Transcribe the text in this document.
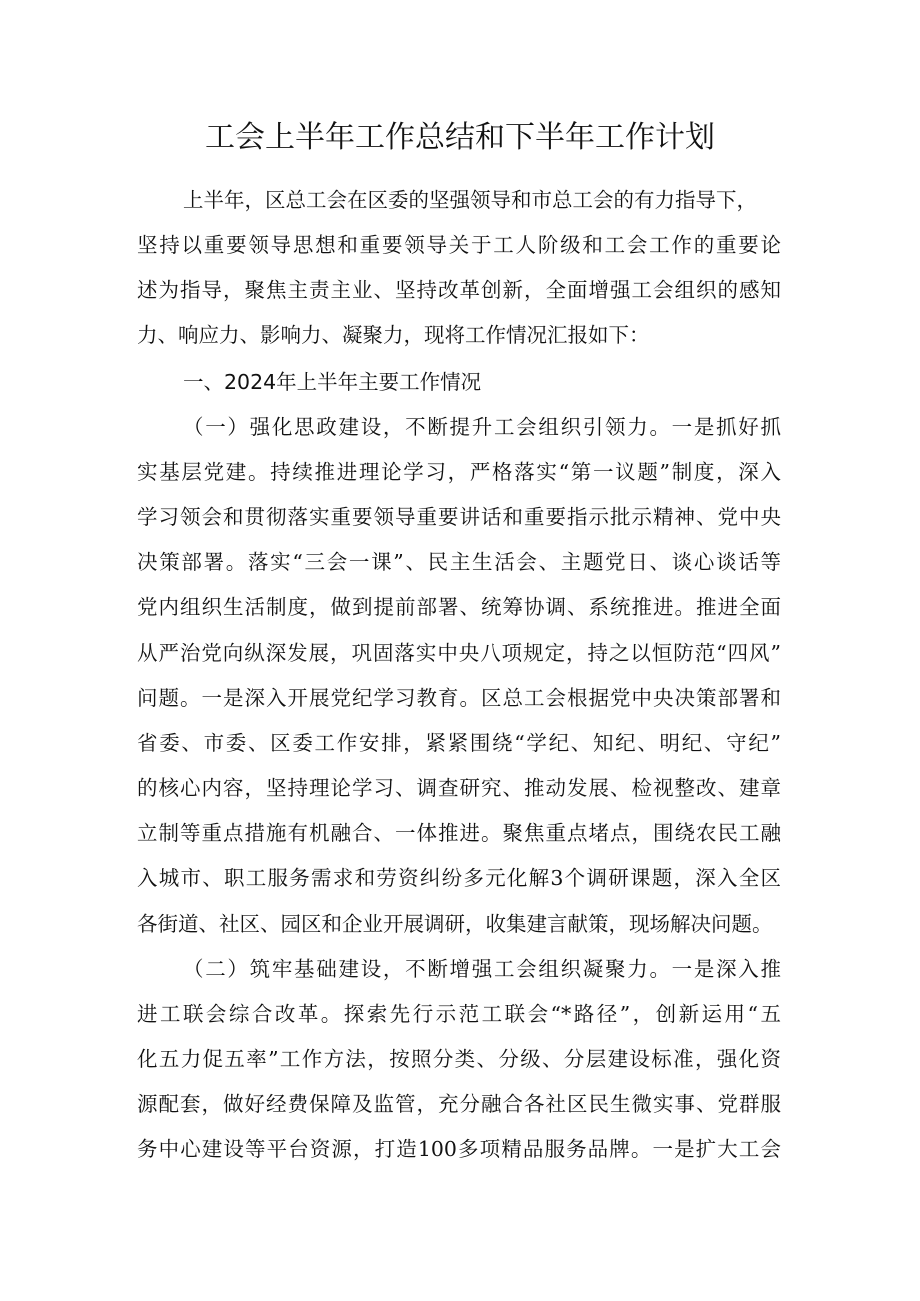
工会上半年工作总结和下半年工作计划
上半年，区总工会在区委的坚强领导和市总工会的有力指导下，
坚持以重要领导思想和重要领导关于工人阶级和工会工作的重要论
述为指导，聚焦主责主业、坚持改革创新，全面增强工会组织的感知
力、响应力、影响力、凝聚力，现将工作情况汇报如下：
一、2024年上半年主要工作情况
（一）强化思政建设，不断提升工会组织引领力。一是抓好抓
实基层党建。持续推进理论学习，严格落实“第一议题”制度，深入
学习领会和贯彻落实重要领导重要讲话和重要指示批示精神、党中央
决策部署。落实“三会一课”、民主生活会、主题党日、谈心谈话等
党内组织生活制度，做到提前部署、统筹协调、系统推进。推进全面
从严治党向纵深发展，巩固落实中央八项规定，持之以恒防范“四风”
问题。一是深入开展党纪学习教育。区总工会根据党中央决策部署和
省委、市委、区委工作安排，紧紧围绕“学纪、知纪、明纪、守纪”
的核心内容，坚持理论学习、调查研究、推动发展、检视整改、建章
立制等重点措施有机融合、一体推进。聚焦重点堵点，围绕农民工融
入城市、职工服务需求和劳资纠纷多元化解3个调研课题，深入全区
各街道、社区、园区和企业开展调研，收集建言献策，现场解决问题。
（二）筑牢基础建设，不断增强工会组织凝聚力。一是深入推
进工联会综合改革。探索先行示范工联会“*路径”，创新运用“五
化五力促五率”工作方法，按照分类、分级、分层建设标准，强化资
源配套，做好经费保障及监管，充分融合各社区民生微实事、党群服
务中心建设等平台资源，打造100多项精品服务品牌。一是扩大工会
